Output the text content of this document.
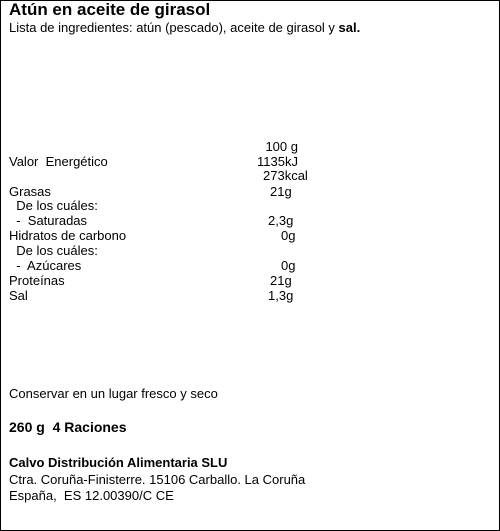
Atún en aceite de girasol
Lista de ingredientes: atún (pescado), aceite de girasol y sal.
100 g
Valor  Energético	1135kJ
273kcal
Grasas	21g
De los cuáles:
-  Saturadas	2,3g
Hidratos de carbono	0g
De los cuáles:
-  Azúcares	0g
Proteínas	21g
Sal	1,3g
Conservar en un lugar fresco y seco
260 g  4 Raciones
Calvo Distribución Alimentaria SLU
Ctra. Coruña-Finisterre. 15106 Carballo. La Coruña
España,  ES 12.00390/C CE
